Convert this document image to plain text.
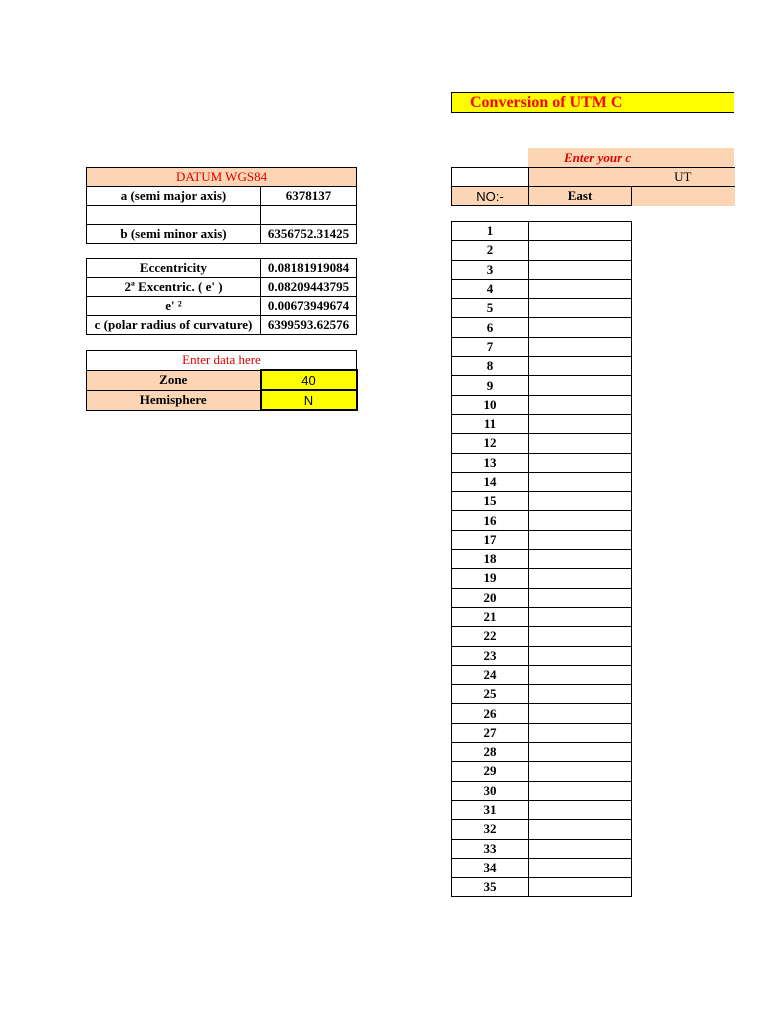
Conversion of UTM C
DATUM WGS84	
a (semi major axis)	6378137

b (semi minor axis)	6356752.31425
Eccentricity	0.08181919084
2ª Excentric. ( e' )	0.08209443795
e' ²	0.00673949674
c (polar radius of curvature)	6399593.62576
Enter data here	
Zone	40
Hemisphere	N
Enter your c
	UT	
NO:-	East	
1	
2	
3	
4	
5	
6	
7	
8	
9	
10	
11	
12	
13	
14	
15	
16	
17	
18	
19	
20	
21	
22	
23	
24	
25	
26	
27	
28	
29	
30	
31	
32	
33	
34	
35	
